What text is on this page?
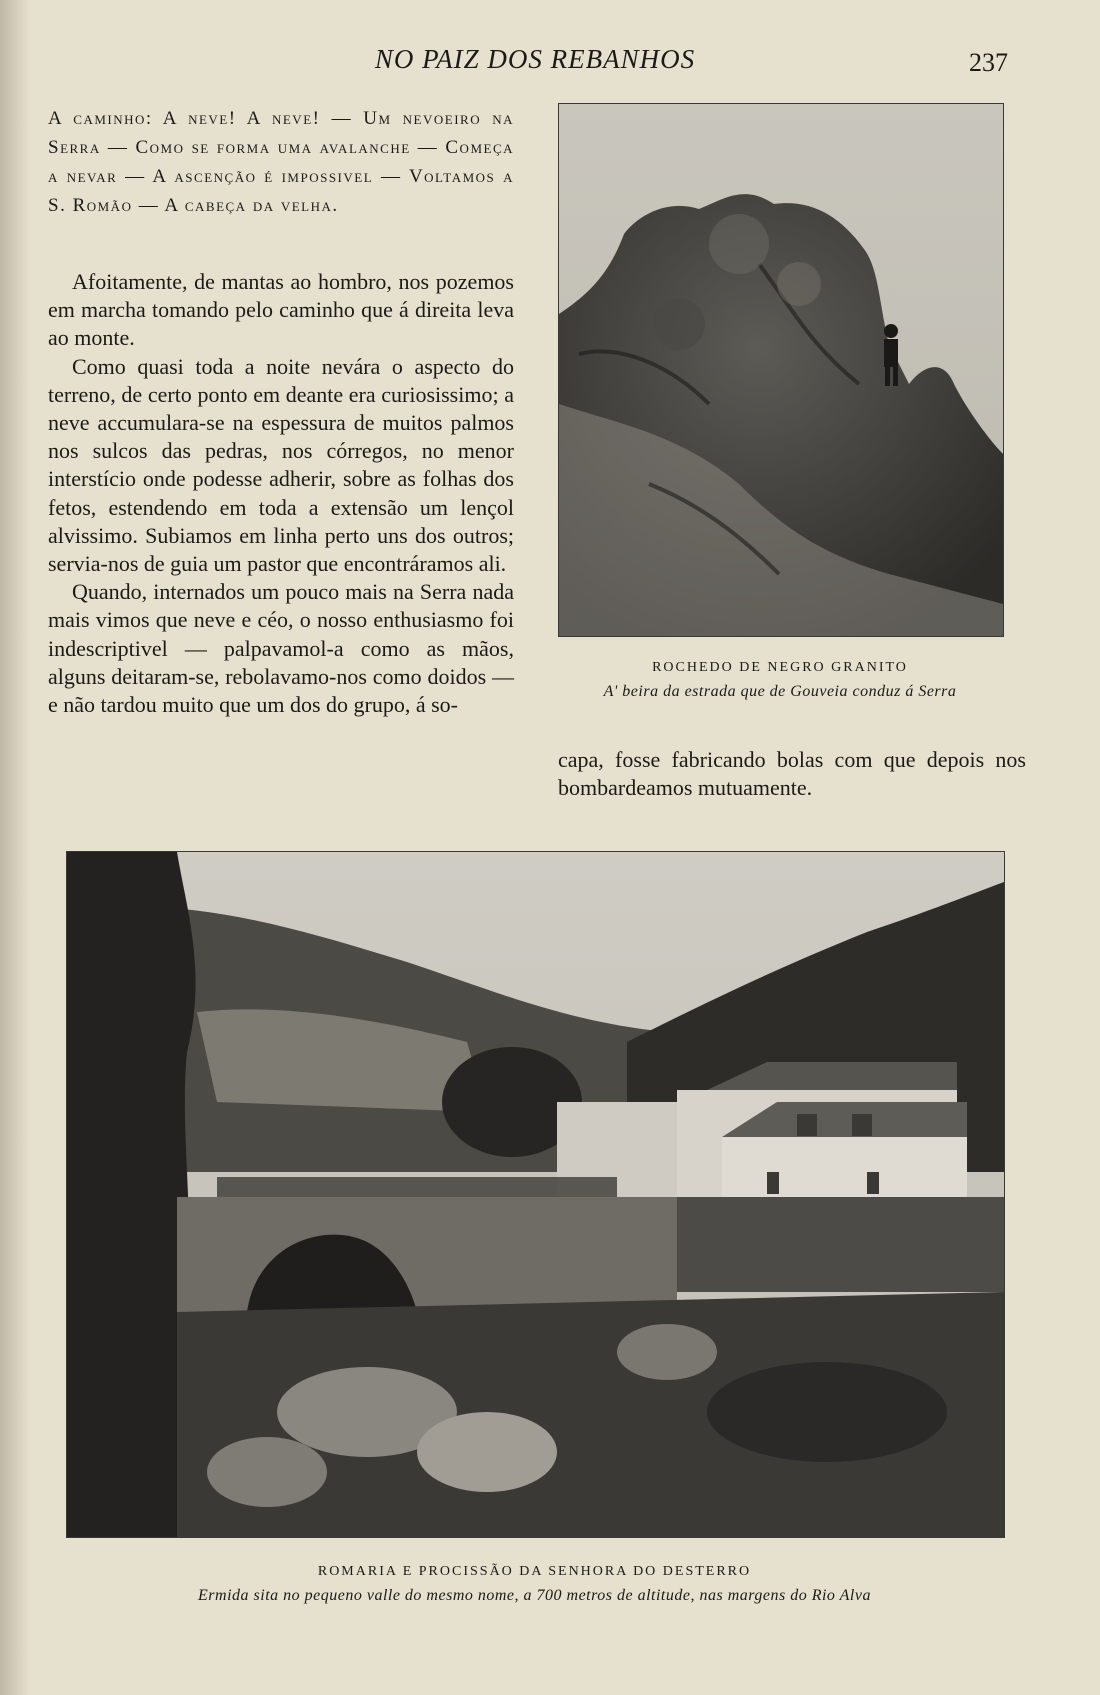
NO PAIZ DOS REBANHOS	237
A caminho: A neve! A neve! — Um nevoeiro na Serra — Como se forma uma avalanche — Começa a nevar — A ascenção é impossivel — Voltamos a S. Romão — A cabeça da velha.

Afoitamente, de mantas ao hombro, nos pozemos em marcha tomando pelo caminho que á direita leva ao monte.

Como quasi toda a noite nevára o aspecto do terreno, de certo ponto em deante era curiosissimo; a neve accumulara-se na espessura de muitos palmos nos sulcos das pedras, nos córregos, no menor interstício onde podesse adherir, sobre as folhas dos fetos, estendendo em toda a extensão um lençol alvissimo. Subiamos em linha perto uns dos outros; servia-nos de guia um pastor que encontráramos ali.

Quando, internados um pouco mais na Serra nada mais vimos que neve e céo, o nosso enthusiasmo foi indescriptivel — palpavamol-a como as mãos, alguns deitaram-se, rebolavamo-nos como doidos — e não tardou muito que um dos do grupo, á so-

ROCHEDO DE NEGRO GRANITO
A' beira da estrada que de Gouveia conduz á Serra

capa, fosse fabricando bolas com que depois nos bombardeamos mutuamente.

ROMARIA E PROCISSÃO DA SENHORA DO DESTERRO
Ermida sita no pequeno valle do mesmo nome, a 700 metros de altitude, nas margens do Rio Alva
